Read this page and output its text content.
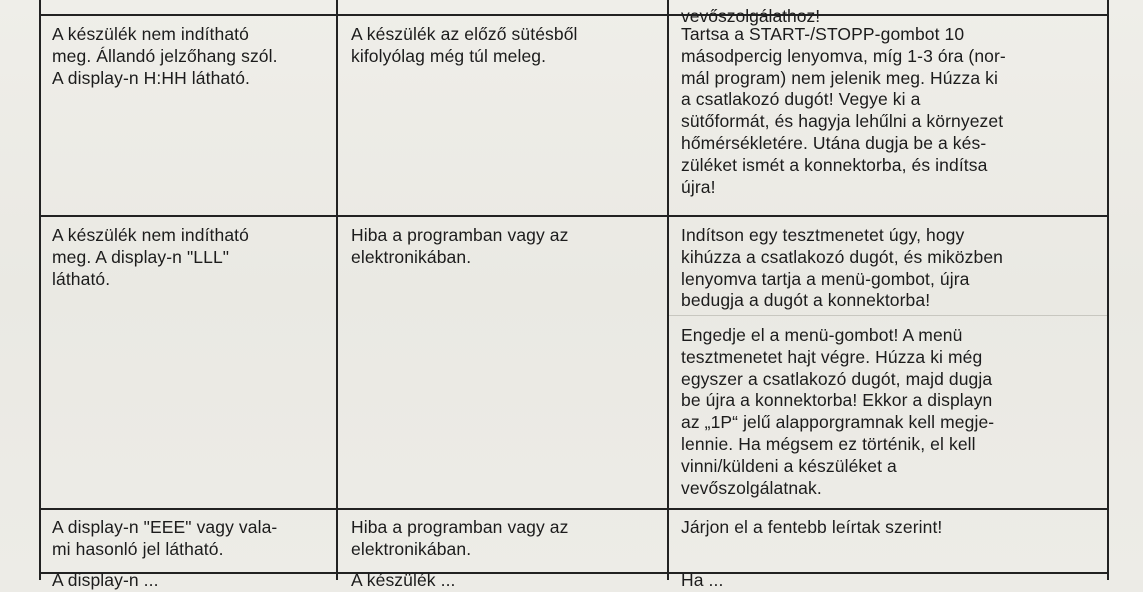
vevőszolgálathoz!

A készülék nem indítható
meg. Állandó jelzőhang szól.
A display-n H:HH látható.

A készülék az előző sütésből
kifolyólag még túl meleg.

Tartsa a START-/STOPP-gombot 10
másodpercig lenyomva, míg 1-3 óra (nor-
mál program) nem jelenik meg. Húzza ki
a csatlakozó dugót! Vegye ki a
sütőformát, és hagyja lehűlni a környezet
hőmérsékletére. Utána dugja be a kés-
züléket ismét a konnektorba, és indítsa
újra!

A készülék nem indítható
meg. A display-n "LLL"
látható.

Hiba a programban vagy az
elektronikában.

Indítson egy tesztmenetet úgy, hogy
kihúzza a csatlakozó dugót, és miközben
lenyomva tartja a menü-gombot, újra
bedugja a dugót a konnektorba!

Engedje el a menü-gombot! A menü
tesztmenetet hajt végre. Húzza ki még
egyszer a csatlakozó dugót, majd dugja
be újra a konnektorba! Ekkor a displayn
az „1P“ jelű alapporgramnak kell megje-
lennie. Ha mégsem ez történik, el kell
vinni/küldeni a készüléket a
vevőszolgálatnak.

A display-n "EEE" vagy vala-
mi hasonló jel látható.

Hiba a programban vagy az
elektronikában.

Járjon el a fentebb leírtak szerint!

A display-n ...	A készülék ...	Ha ...
